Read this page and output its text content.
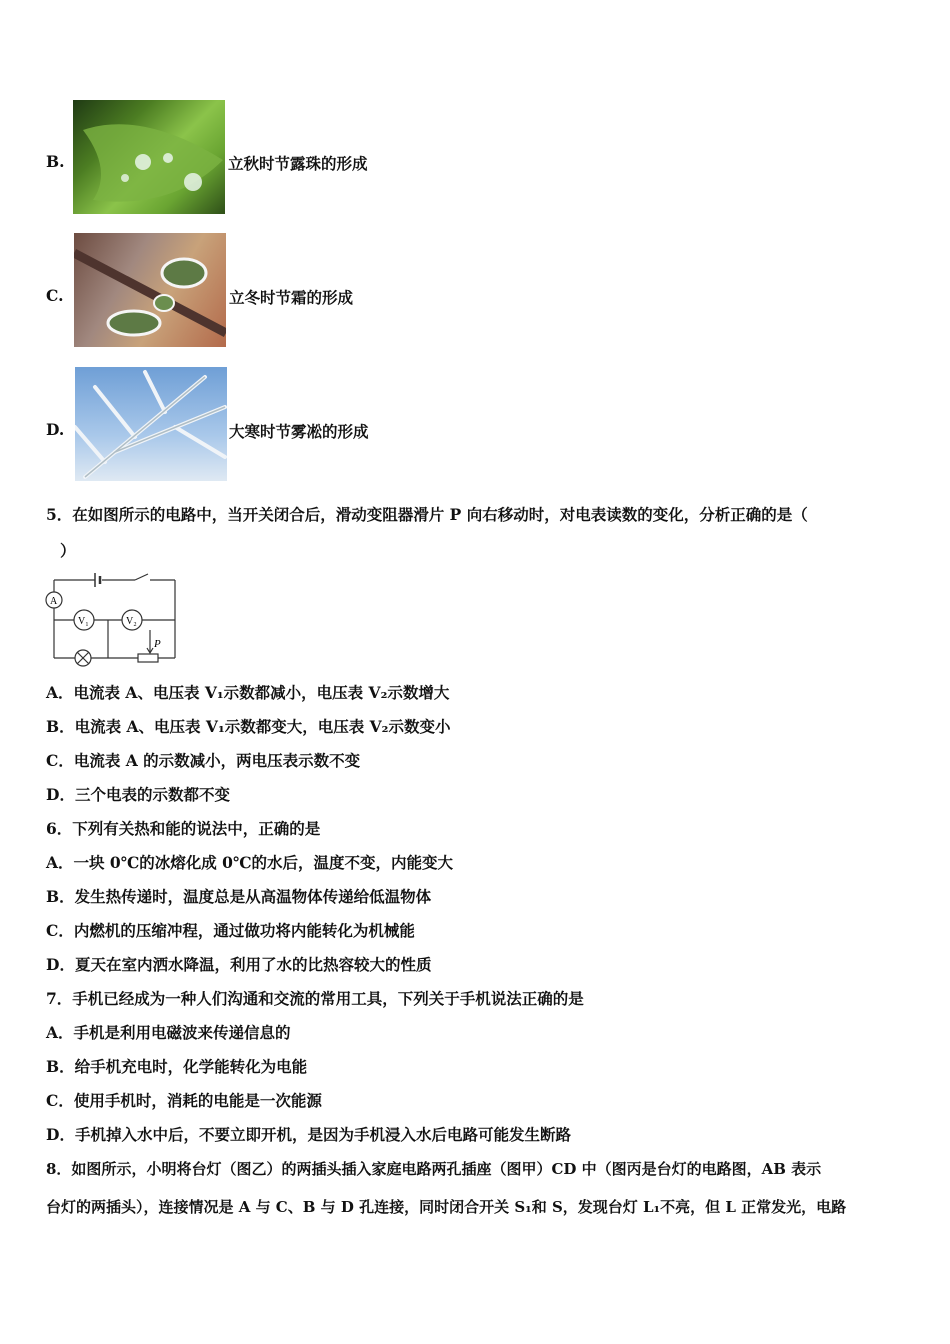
B.	立秋时节露珠的形成
C.	立冬时节霜的形成
D.	大寒时节雾凇的形成
5．在如图所示的电路中，当开关闭合后，滑动变阻器滑片 P 向右移动时，对电表读数的变化，分析正确的是（
）
A
V₁	V₂
P
A．电流表 A、电压表 V₁示数都减小，电压表 V₂示数增大
B．电流表 A、电压表 V₁示数都变大，电压表 V₂示数变小
C．电流表 A 的示数减小，两电压表示数不变
D．三个电表的示数都不变
6．下列有关热和能的说法中，正确的是
A．一块 0℃的冰熔化成 0℃的水后，温度不变，内能变大
B．发生热传递时，温度总是从高温物体传递给低温物体
C．内燃机的压缩冲程，通过做功将内能转化为机械能
D．夏天在室内洒水降温，利用了水的比热容较大的性质
7．手机已经成为一种人们沟通和交流的常用工具，下列关于手机说法正确的是
A．手机是利用电磁波来传递信息的
B．给手机充电时，化学能转化为电能
C．使用手机时，消耗的电能是一次能源
D．手机掉入水中后，不要立即开机，是因为手机浸入水后电路可能发生断路
8．如图所示，小明将台灯（图乙）的两插头插入家庭电路两孔插座（图甲）CD 中（图丙是台灯的电路图，AB 表示
台灯的两插头），连接情况是 A 与 C、B 与 D 孔连接，同时闭合开关 S₁和 S，发现台灯 L₁不亮，但 L 正常发光，电路
